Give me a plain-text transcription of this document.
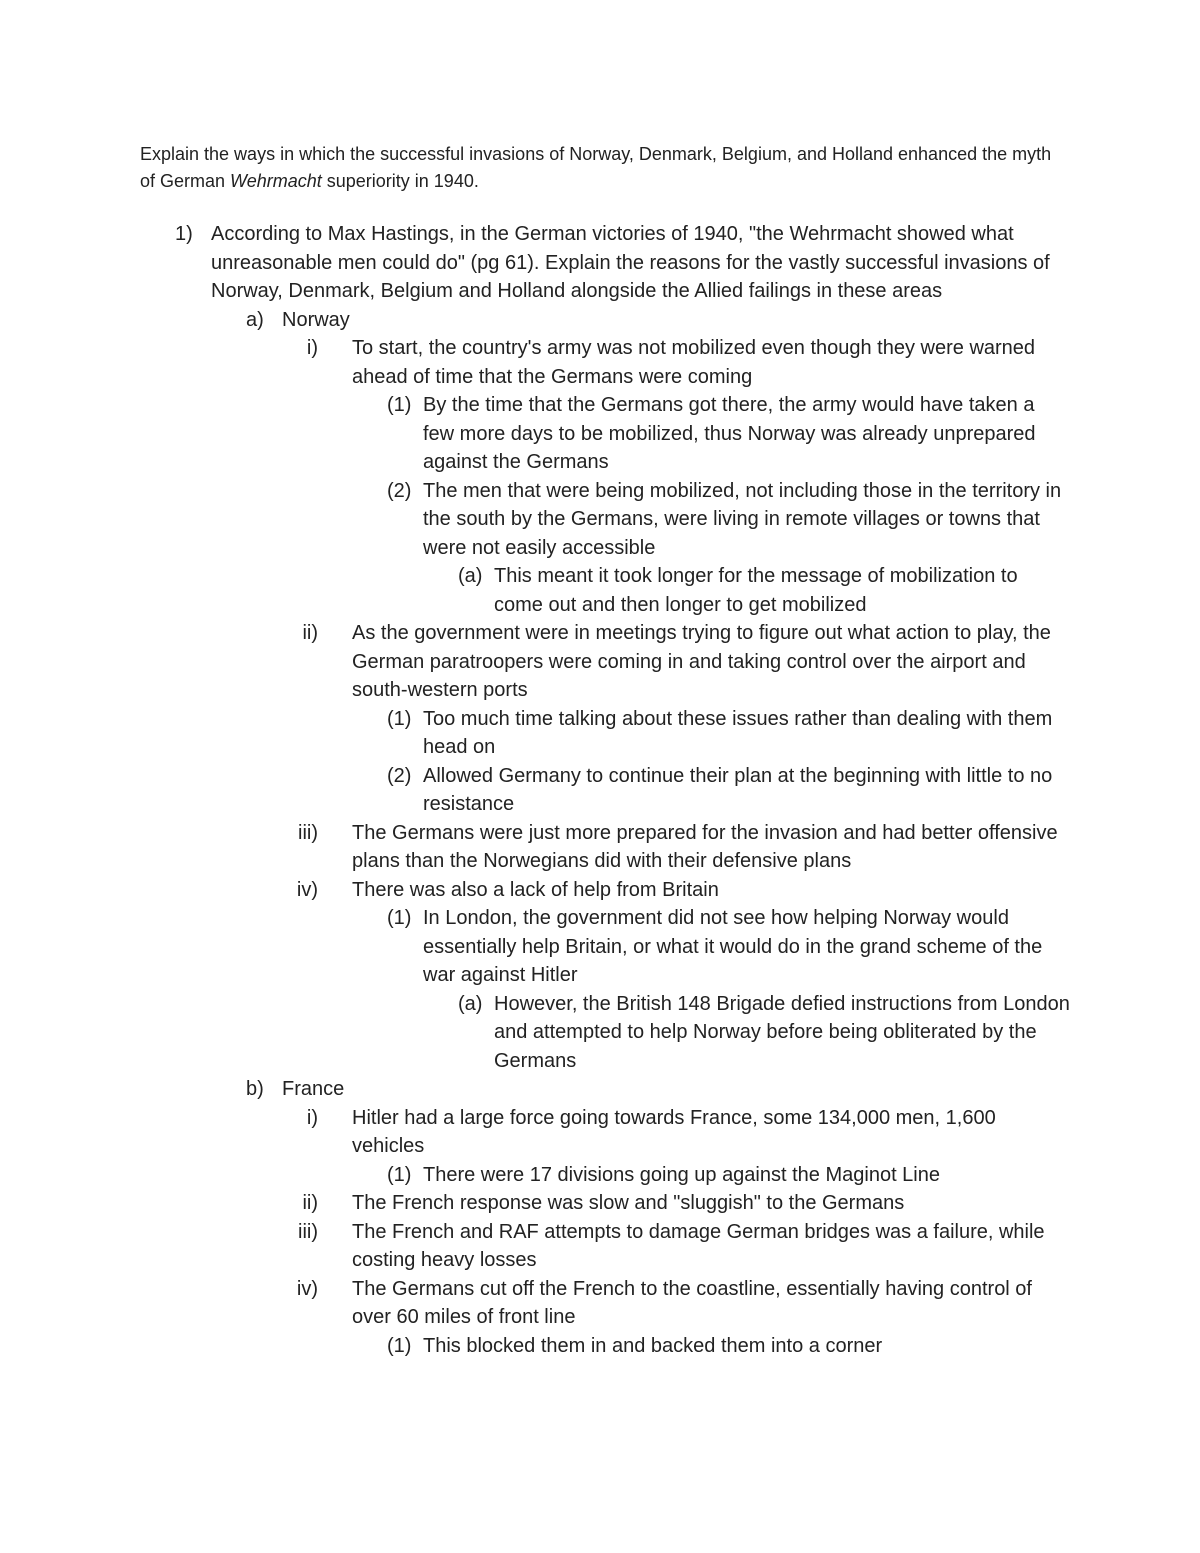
Explain the ways in which the successful invasions of Norway, Denmark, Belgium, and Holland enhanced the myth of German Wehrmacht superiority in 1940.

1) According to Max Hastings, in the German victories of 1940, "the Wehrmacht showed what unreasonable men could do" (pg 61). Explain the reasons for the vastly successful invasions of Norway, Denmark, Belgium and Holland alongside the Allied failings in these areas
a) Norway
i) To start, the country's army was not mobilized even though they were warned ahead of time that the Germans were coming
(1) By the time that the Germans got there, the army would have taken a few more days to be mobilized, thus Norway was already unprepared against the Germans
(2) The men that were being mobilized, not including those in the territory in the south by the Germans, were living in remote villages or towns that were not easily accessible
(a) This meant it took longer for the message of mobilization to come out and then longer to get mobilized
ii) As the government were in meetings trying to figure out what action to play, the German paratroopers were coming in and taking control over the airport and south-western ports
(1) Too much time talking about these issues rather than dealing with them head on
(2) Allowed Germany to continue their plan at the beginning with little to no resistance
iii) The Germans were just more prepared for the invasion and had better offensive plans than the Norwegians did with their defensive plans
iv) There was also a lack of help from Britain
(1) In London, the government did not see how helping Norway would essentially help Britain, or what it would do in the grand scheme of the war against Hitler
(a) However, the British 148 Brigade defied instructions from London and attempted to help Norway before being obliterated by the Germans
b) France
i) Hitler had a large force going towards France, some 134,000 men, 1,600 vehicles
(1) There were 17 divisions going up against the Maginot Line
ii) The French response was slow and "sluggish" to the Germans
iii) The French and RAF attempts to damage German bridges was a failure, while costing heavy losses
iv) The Germans cut off the French to the coastline, essentially having control of over 60 miles of front line
(1) This blocked them in and backed them into a corner
